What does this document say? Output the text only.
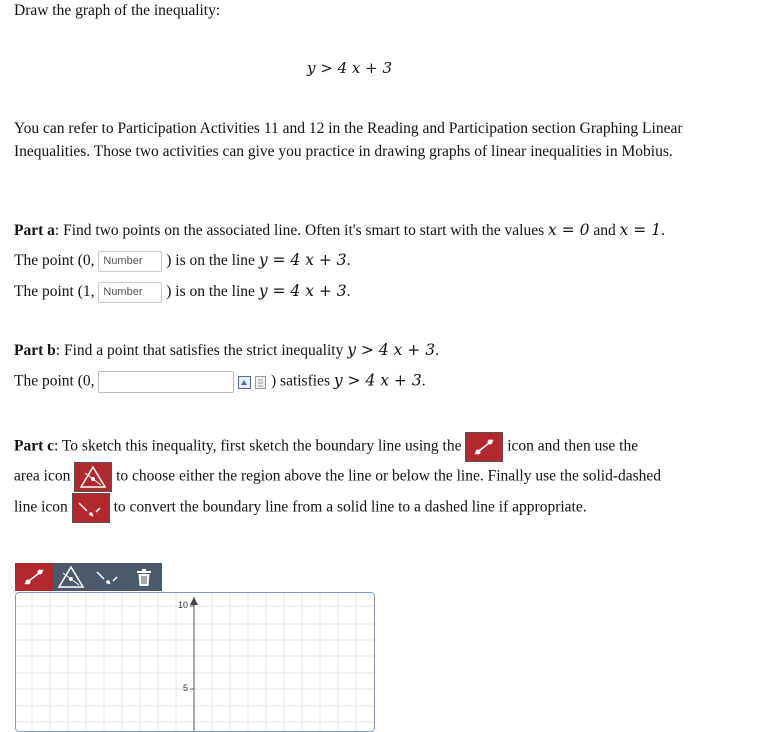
Draw the graph of the inequality:
y > 4 x + 3
You can refer to Participation Activities 11 and 12 in the Reading and Participation section Graphing Linear Inequalities. Those two activities can give you practice in drawing graphs of linear inequalities in Mobius.
Part a: Find two points on the associated line. Often it's smart to start with the values x = 0 and x = 1.
The point (0, Number ) is on the line y = 4 x + 3.
The point (1, Number ) is on the line y = 4 x + 3.
Part b: Find a point that satisfies the strict inequality y > 4 x + 3.
The point (0,	) satisfies y > 4 x + 3.
Part c: To sketch this inequality, first sketch the boundary line using the	icon and then use the
area icon	to choose either the region above the line or below the line. Finally use the solid-dashed
line icon	to convert the boundary line from a solid line to a dashed line if appropriate.
10
5
